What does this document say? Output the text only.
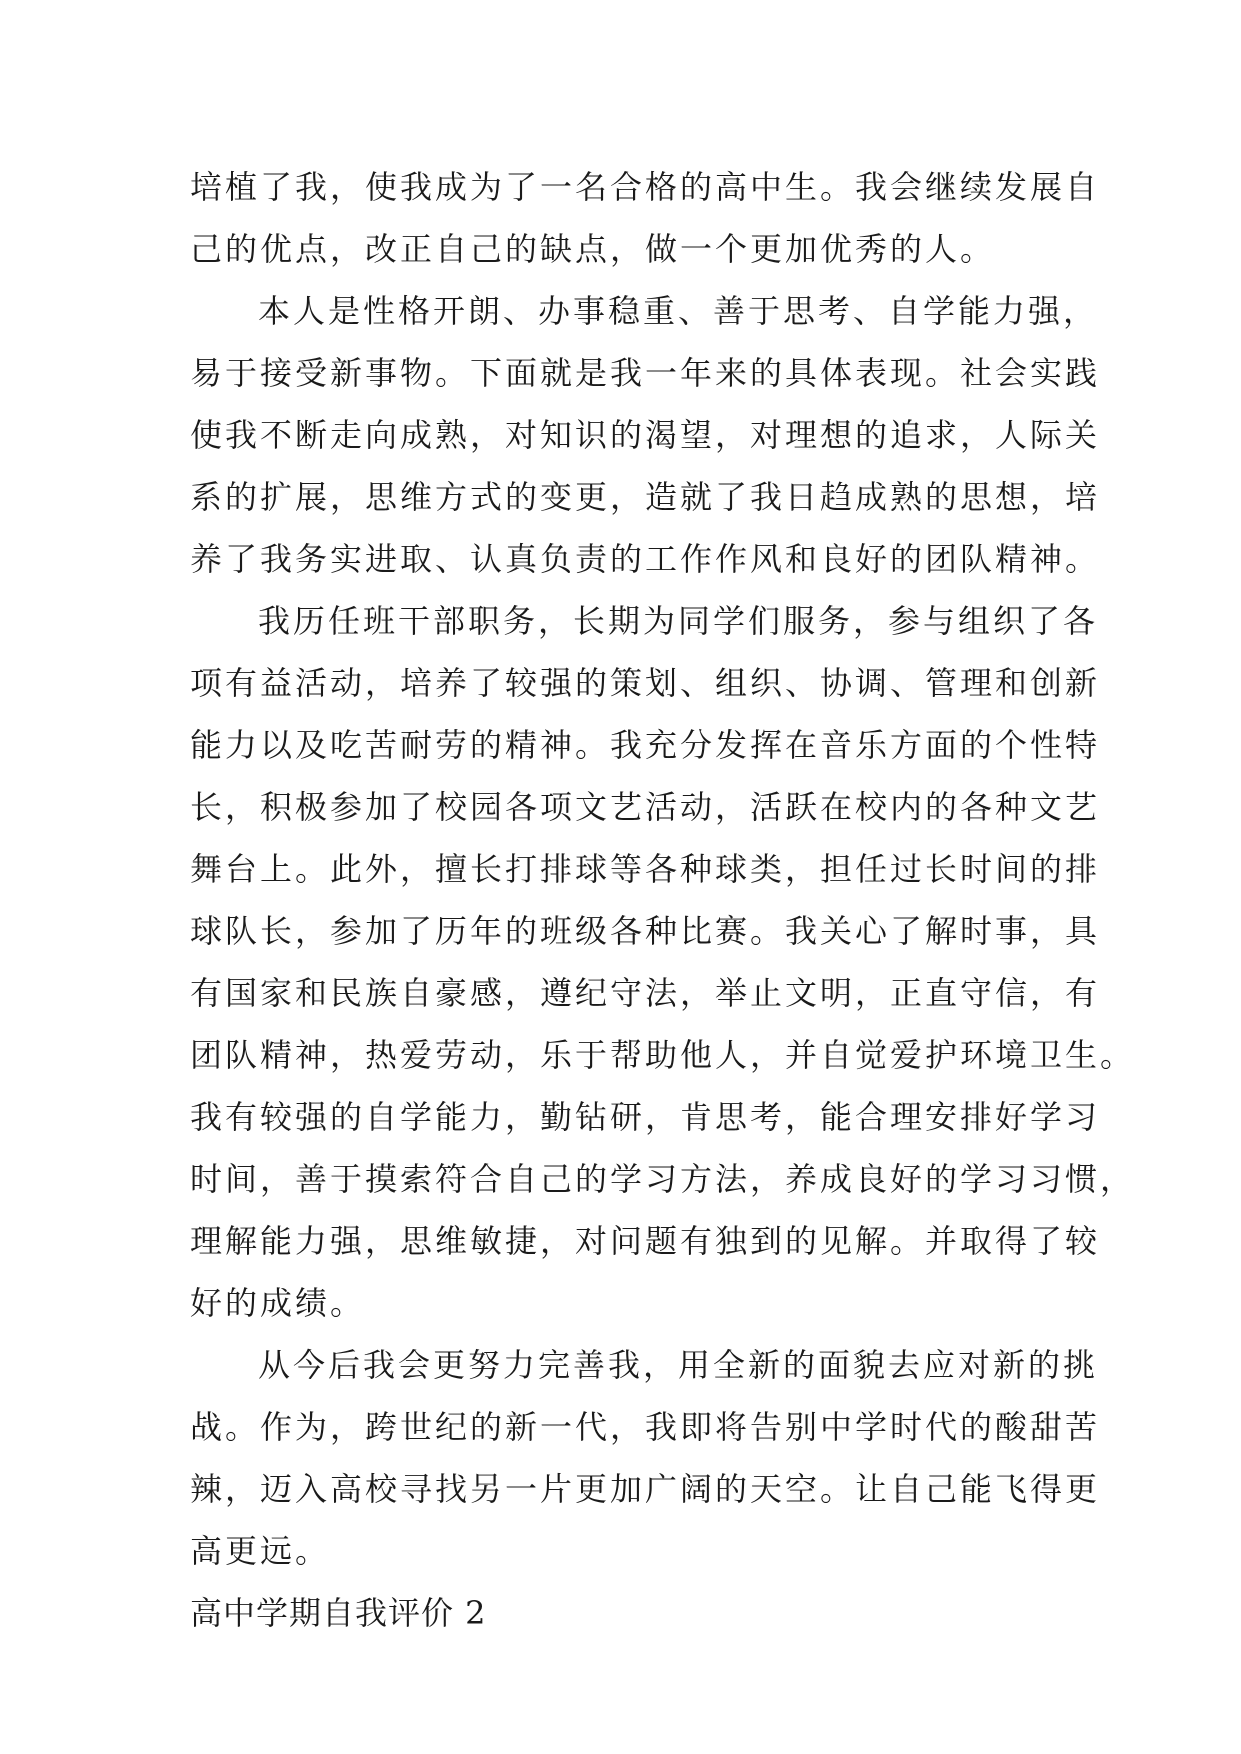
培植了我，使我成为了一名合格的高中生。我会继续发展自
己的优点，改正自己的缺点，做一个更加优秀的人。
本人是性格开朗、办事稳重、善于思考、自学能力强，
易于接受新事物。下面就是我一年来的具体表现。社会实践
使我不断走向成熟，对知识的渴望，对理想的追求，人际关
系的扩展，思维方式的变更，造就了我日趋成熟的思想，培
养了我务实进取、认真负责的工作作风和良好的团队精神。
我历任班干部职务，长期为同学们服务，参与组织了各
项有益活动，培养了较强的策划、组织、协调、管理和创新
能力以及吃苦耐劳的精神。我充分发挥在音乐方面的个性特
长，积极参加了校园各项文艺活动，活跃在校内的各种文艺
舞台上。此外，擅长打排球等各种球类，担任过长时间的排
球队长，参加了历年的班级各种比赛。我关心了解时事，具
有国家和民族自豪感，遵纪守法，举止文明，正直守信，有
团队精神，热爱劳动，乐于帮助他人，并自觉爱护环境卫生。
我有较强的自学能力，勤钻研，肯思考，能合理安排好学习
时间，善于摸索符合自己的学习方法，养成良好的学习习惯，
理解能力强，思维敏捷，对问题有独到的见解。并取得了较
好的成绩。
从今后我会更努力完善我，用全新的面貌去应对新的挑
战。作为，跨世纪的新一代，我即将告别中学时代的酸甜苦
辣，迈入高校寻找另一片更加广阔的天空。让自己能飞得更
高更远。
高中学期自我评价 2
